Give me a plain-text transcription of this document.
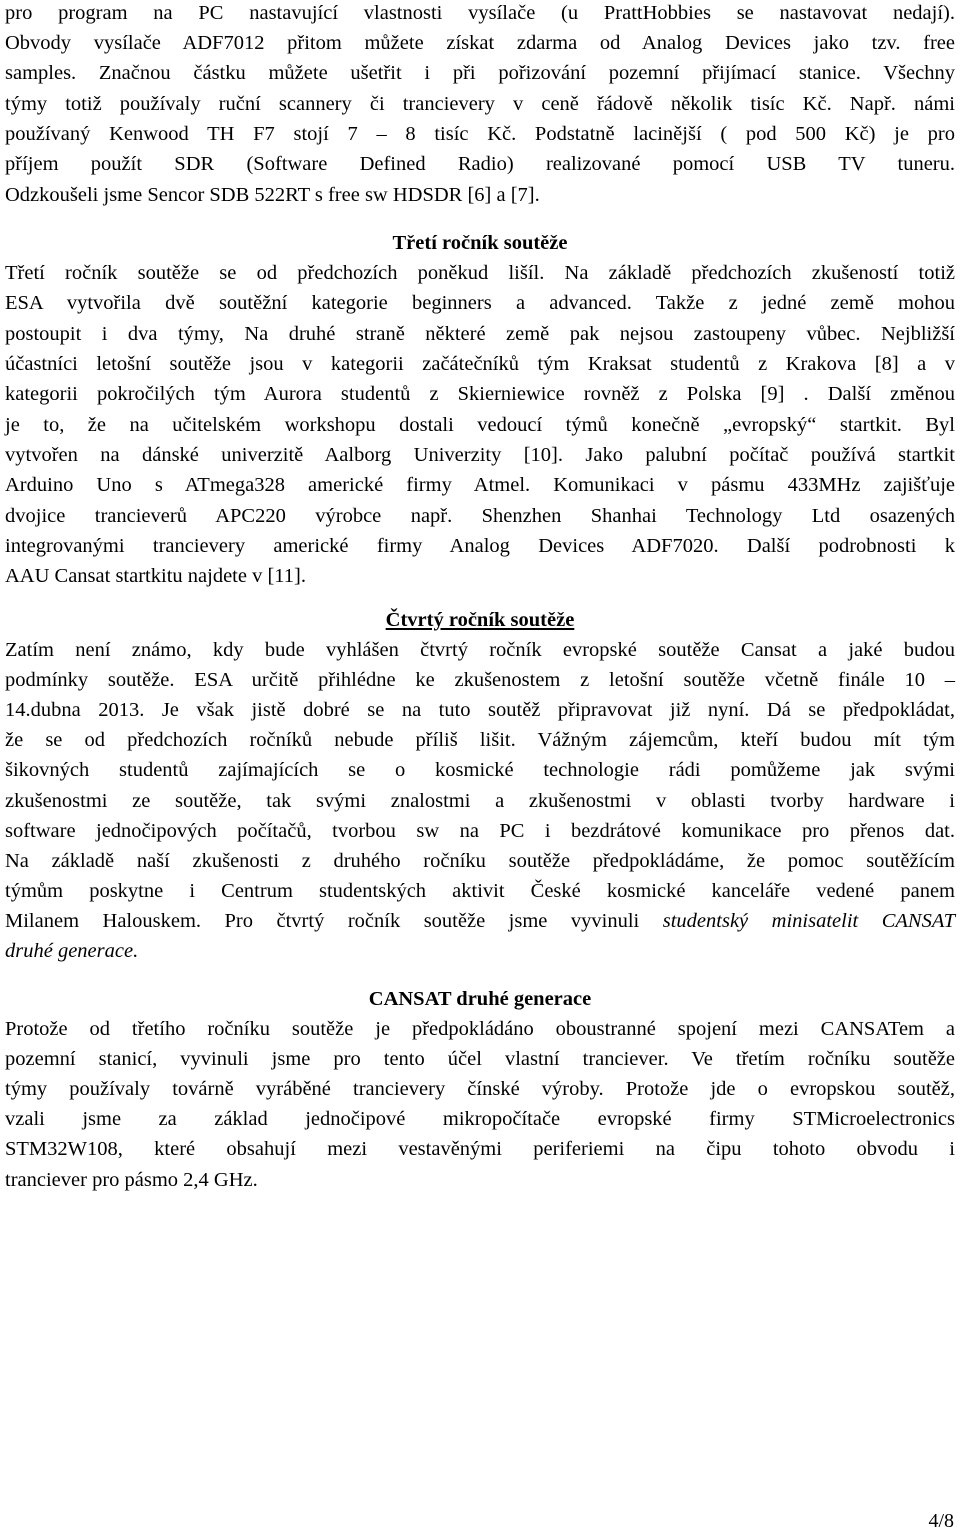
pro program na PC nastavující vlastnosti vysílače (u PrattHobbies se nastavovat nedají).

Obvody vysílače ADF7012 přitom můžete získat zdarma od Analog Devices jako tzv. free

samples. Značnou částku můžete ušetřit i při pořizování pozemní přijímací stanice. Všechny

týmy totiž používaly ruční scannery či trancievery v ceně řádově několik tisíc Kč. Např. námi

používaný Kenwood TH F7 stojí 7 – 8 tisíc Kč. Podstatně lacinější ( pod 500 Kč) je pro

příjem použít SDR (Software Defined Radio) realizované pomocí USB TV tuneru.

Odzkoušeli jsme Sencor SDB 522RT s free sw HDSDR [6] a [7].

Třetí ročník soutěže

Třetí ročník soutěže se od předchozích poněkud lišíl. Na základě předchozích zkušeností totiž

ESA vytvořila dvě soutěžní kategorie beginners a advanced. Takže z jedné země mohou

postoupit i dva týmy, Na druhé straně některé země pak nejsou zastoupeny vůbec. Nejbližší

účastníci letošní soutěže jsou v kategorii začátečníků tým Kraksat studentů z Krakova [8] a v

kategorii pokročilých tým Aurora studentů z Skierniewice rovněž z Polska [9] . Další změnou

je to, že na učitelském workshopu dostali vedoucí týmů konečně „evropský“ startkit. Byl

vytvořen na dánské univerzitě Aalborg Univerzity [10]. Jako palubní počítač používá startkit

Arduino Uno s ATmega328 americké firmy Atmel. Komunikaci v pásmu 433MHz zajišťuje

dvojice trancieverů APC220 výrobce např. Shenzhen Shanhai Technology Ltd osazených

integrovanými trancievery americké firmy Analog Devices ADF7020. Další podrobnosti k

AAU Cansat startkitu najdete v [11].

Čtvrtý ročník soutěže

Zatím není známo, kdy bude vyhlášen čtvrtý ročník evropské soutěže Cansat a jaké budou

podmínky soutěže. ESA určitě přihlédne ke zkušenostem z letošní soutěže včetně finále 10 –

14.dubna 2013. Je však jistě dobré se na tuto soutěž připravovat již nyní. Dá se předpokládat,

že se od předchozích ročníků nebude příliš lišit. Vážným zájemcům, kteří budou mít tým

šikovných studentů zajímajících se o kosmické technologie rádi pomůžeme jak svými

zkušenostmi ze soutěže, tak svými znalostmi a zkušenostmi v oblasti tvorby hardware i

software jednočipových počítačů, tvorbou sw na PC i bezdrátové komunikace pro přenos dat.

Na základě naší zkušenosti z druhého ročníku soutěže předpokládáme, že pomoc soutěžícím

týmům poskytne i Centrum studentských aktivit České kosmické kanceláře vedené panem

Milanem Halouskem. Pro čtvrtý ročník soutěže jsme vyvinuli studentský minisatelit CANSAT

druhé generace.

CANSAT druhé generace

Protože od třetího ročníku soutěže je předpokládáno oboustranné spojení mezi CANSATem a

pozemní stanicí, vyvinuli jsme pro tento účel vlastní tranciever. Ve třetím ročníku soutěže

týmy používaly továrně vyráběné trancievery čínské výroby. Protože jde o evropskou soutěž,

vzali jsme za základ jednočipové mikropočítače evropské firmy STMicroelectronics

STM32W108, které obsahují mezi vestavěnými periferiemi na čipu tohoto obvodu i

tranciever pro pásmo 2,4 GHz.

4/8
